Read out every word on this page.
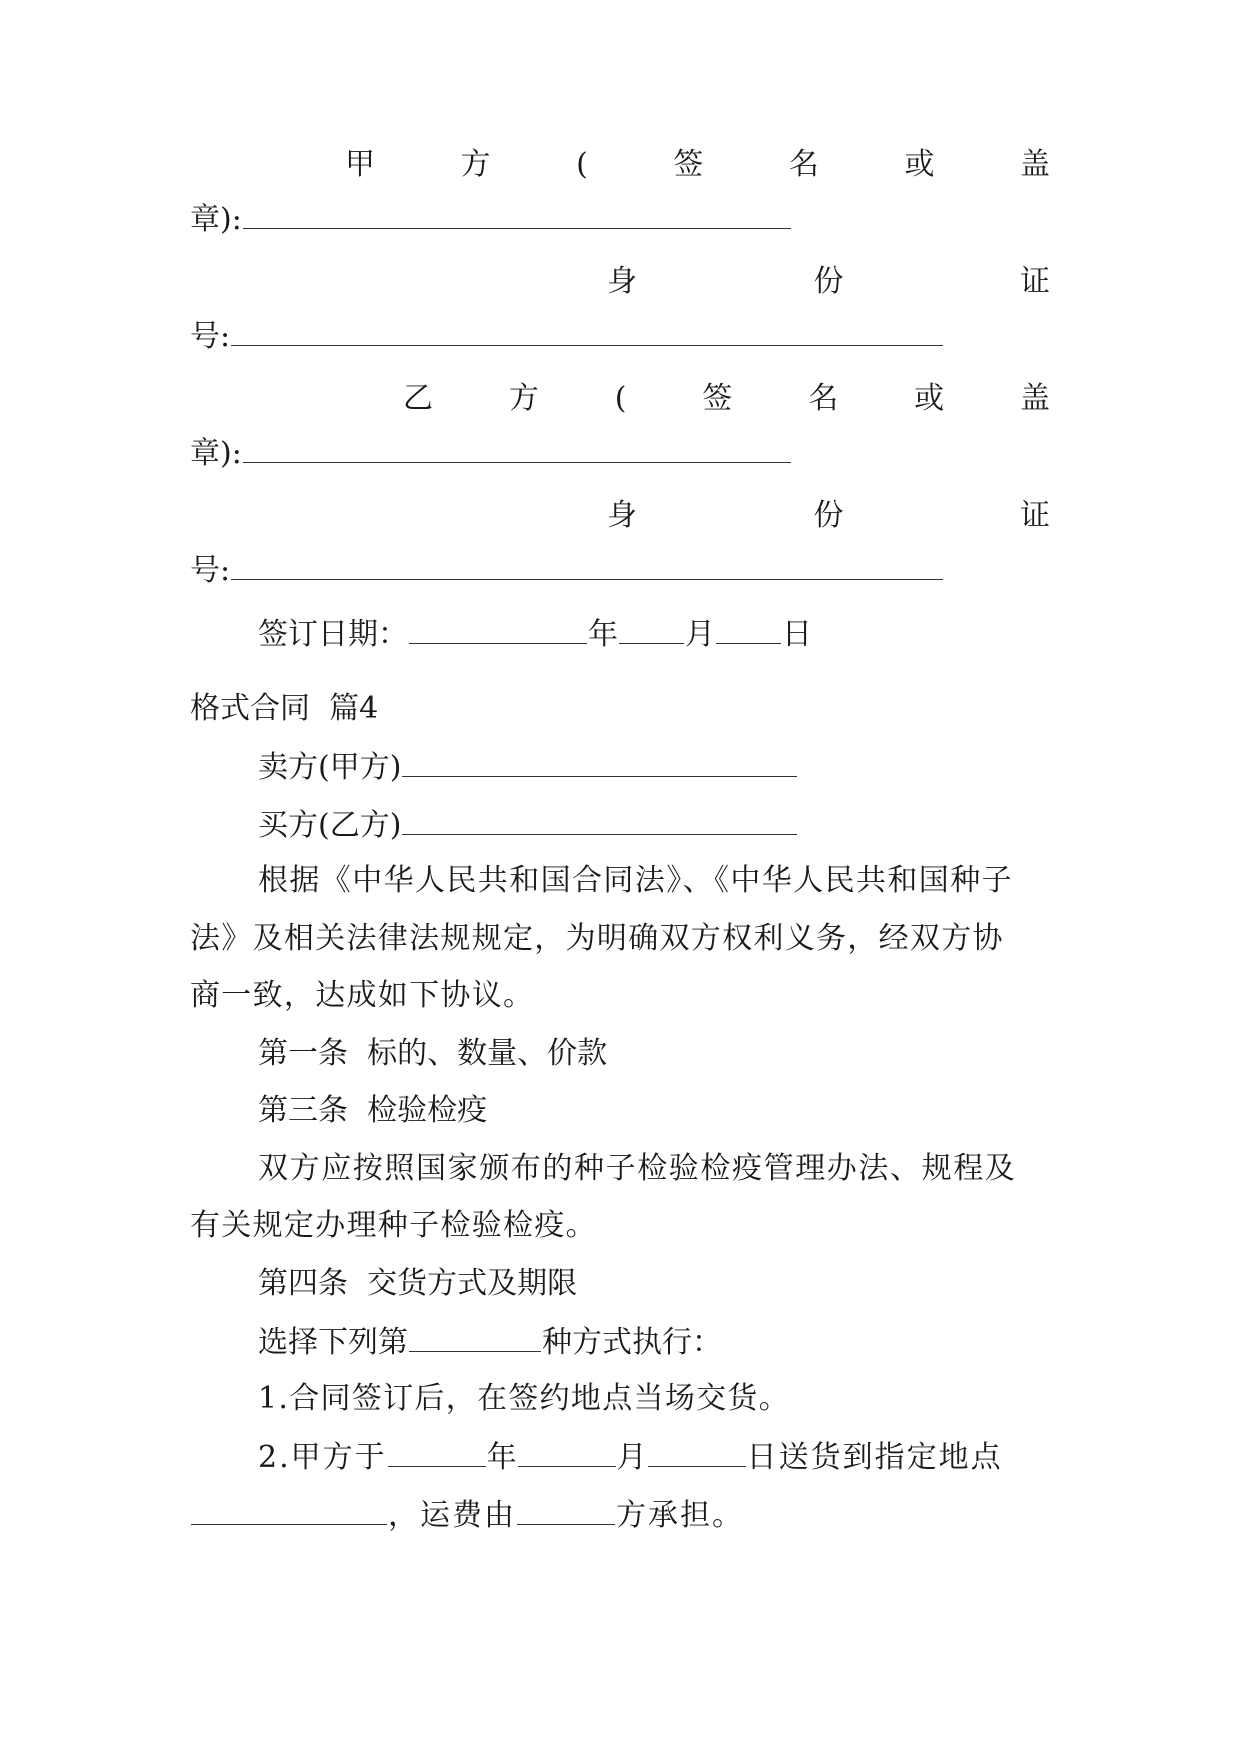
甲	方	(	签	名	或	盖
章):
身	份	证
号:
乙	方	(	签	名	或	盖
章):
身	份	证
号:
签订日期：	年 月 日
格式合同  篇4
卖方(甲方)
买方(乙方)
根据《中华人民共和国合同法》、《中华人民共和国种子
法》及相关法律法规规定，为明确双方权利义务，经双方协
商一致，达成如下协议。
第一条  标的、数量、价款
第三条  检验检疫
双方应按照国家颁布的种子检验检疫管理办法、规程及
有关规定办理种子检验检疫。
第四条  交货方式及期限
选择下列第	种方式执行：
1.合同签订后，在签约地点当场交货。
2.甲方于	年	月	日送货到指定地点
，运费由	方承担。
